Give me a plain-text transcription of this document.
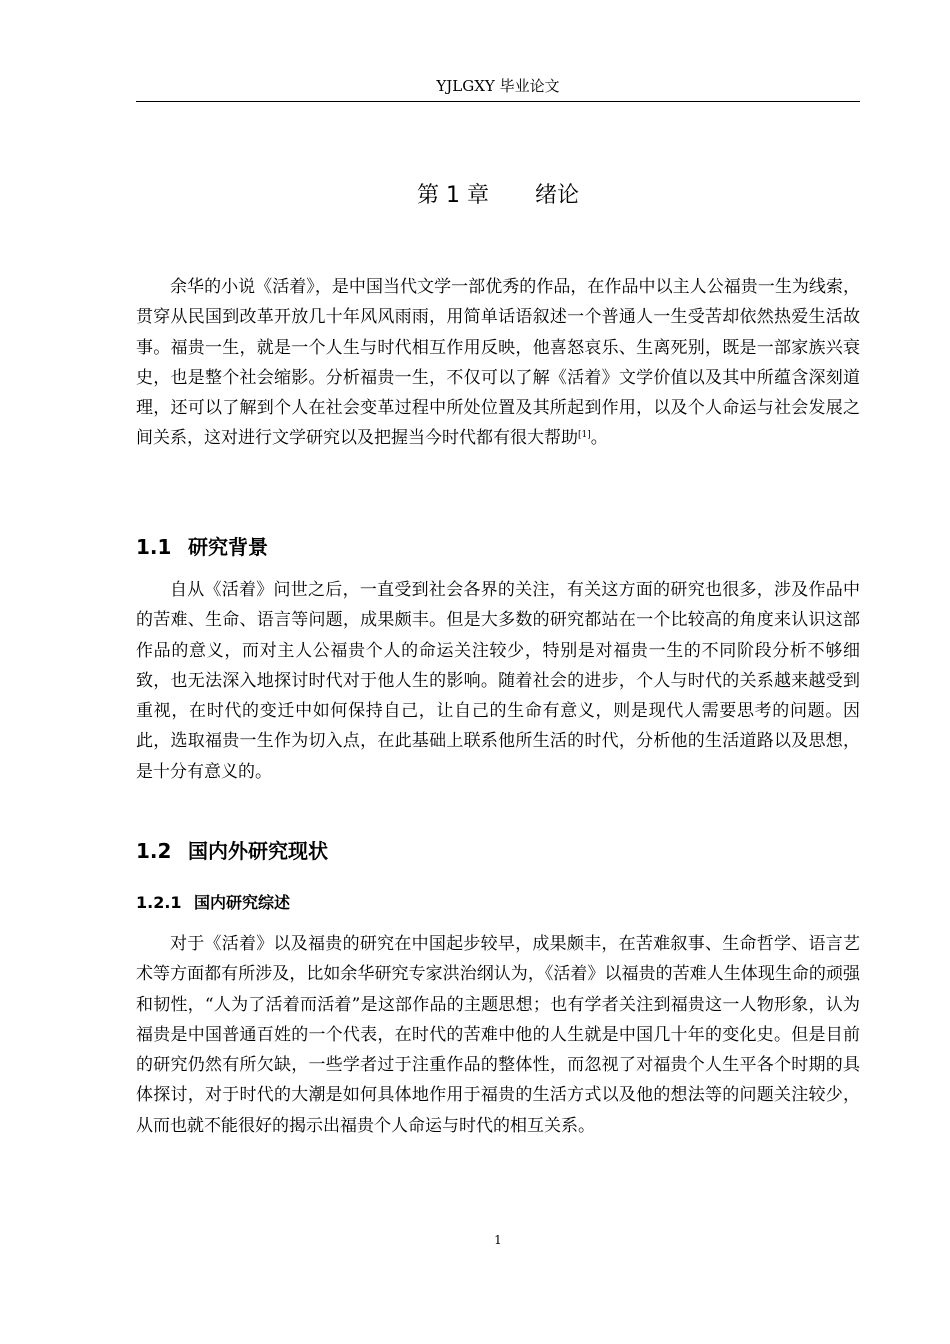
YJLGXY 毕业论文
第 1 章 绪论

余华的小说《活着》，是中国当代文学一部优秀的作品，在作品中以主人公福贵一生为线索，贯穿从民国到改革开放几十年风风雨雨，用简单话语叙述一个普通人一生受苦却依然热爱生活故事。福贵一生，就是一个人生与时代相互作用反映，他喜怒哀乐、生离死别，既是一部家族兴衰史，也是整个社会缩影。分析福贵一生，不仅可以了解《活着》文学价值以及其中所蕴含深刻道理，还可以了解到个人在社会变革过程中所处位置及其所起到作用，以及个人命运与社会发展之间关系，这对进行文学研究以及把握当今时代都有很大帮助[1]。

1.1 研究背景

自从《活着》问世之后，一直受到社会各界的关注，有关这方面的研究也很多，涉及作品中的苦难、生命、语言等问题，成果颇丰。但是大多数的研究都站在一个比较高的角度来认识这部作品的意义，而对主人公福贵个人的命运关注较少，特别是对福贵一生的不同阶段分析不够细致，也无法深入地探讨时代对于他人生的影响。随着社会的进步，个人与时代的关系越来越受到重视，在时代的变迁中如何保持自己，让自己的生命有意义，则是现代人需要思考的问题。因此，选取福贵一生作为切入点，在此基础上联系他所生活的时代，分析他的生活道路以及思想，是十分有意义的。

1.2 国内外研究现状
1.2.1 国内研究综述

对于《活着》以及福贵的研究在中国起步较早，成果颇丰，在苦难叙事、生命哲学、语言艺术等方面都有所涉及，比如余华研究专家洪治纲认为，《活着》以福贵的苦难人生体现生命的顽强和韧性，“人为了活着而活着”是这部作品的主题思想；也有学者关注到福贵这一人物形象，认为福贵是中国普通百姓的一个代表，在时代的苦难中他的人生就是中国几十年的变化史。但是目前的研究仍然有所欠缺，一些学者过于注重作品的整体性，而忽视了对福贵个人生平各个时期的具体探讨，对于时代的大潮是如何具体地作用于福贵的生活方式以及他的想法等的问题关注较少，从而也就不能很好的揭示出福贵个人命运与时代的相互关系。

1
